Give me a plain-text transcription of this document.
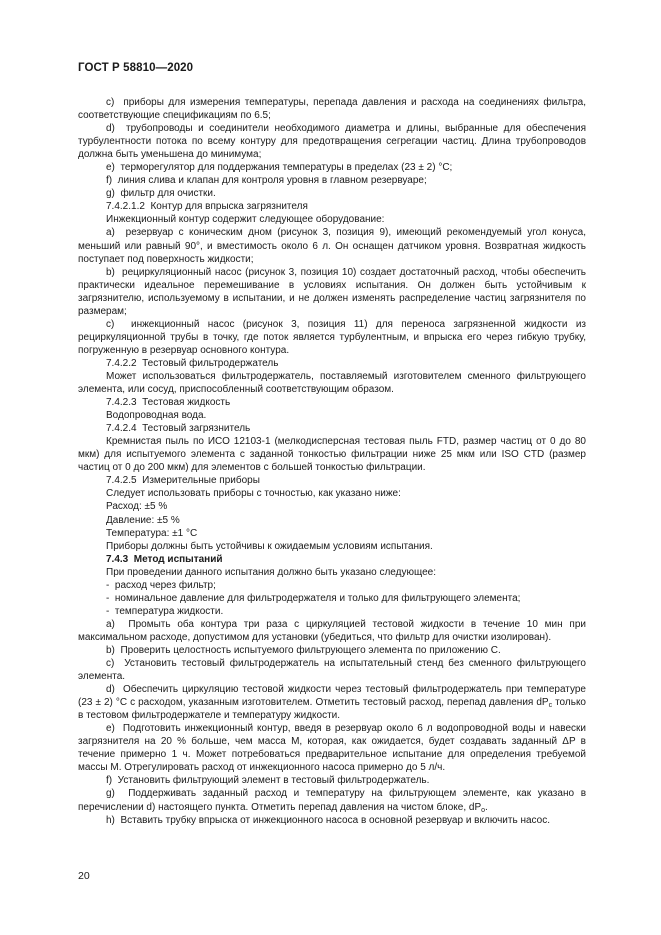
ГОСТ Р 58810—2020

c)  приборы для измерения температуры, перепада давления и расхода на соединениях фильтра, соответствующие спецификациям по 6.5;

d)  трубопроводы и соединители необходимого диаметра и длины, выбранные для обеспечения турбулентности потока по всему контуру для предотвращения сегрегации частиц. Длина трубопроводов должна быть уменьшена до минимума;

e)  терморегулятор для поддержания температуры в пределах (23 ± 2) °С;

f)  линия слива и клапан для контроля уровня в главном резервуаре;

g)  фильтр для очистки.

7.4.2.1.2  Контур для впрыска загрязнителя

Инжекционный контур содержит следующее оборудование:

a)  резервуар с коническим дном (рисунок 3, позиция 9), имеющий рекомендуемый угол конуса, меньший или равный 90°, и вместимость около 6 л. Он оснащен датчиком уровня. Возвратная жидкость поступает под поверхность жидкости;

b)  рециркуляционный насос (рисунок 3, позиция 10) создает достаточный расход, чтобы обеспечить практически идеальное перемешивание в условиях испытания. Он должен быть устойчивым к загрязнителю, используемому в испытании, и не должен изменять распределение частиц загрязнителя по размерам;

c)  инжекционный насос (рисунок 3, позиция 11) для переноса загрязненной жидкости из рециркуляционной трубы в точку, где поток является турбулентным, и впрыска его через гибкую трубку, погруженную в резервуар основного контура.

7.4.2.2  Тестовый фильтродержатель

Может использоваться фильтродержатель, поставляемый изготовителем сменного фильтрующего элемента, или сосуд, приспособленный соответствующим образом.

7.4.2.3  Тестовая жидкость

Водопроводная вода.

7.4.2.4  Тестовый загрязнитель

Кремнистая пыль по ИСО 12103-1 (мелкодисперсная тестовая пыль FTD, размер частиц от 0 до 80 мкм) для испытуемого элемента с заданной тонкостью фильтрации ниже 25 мкм или ISO CTD (размер частиц от 0 до 200 мкм) для элементов с большей тонкостью фильтрации.

7.4.2.5  Измерительные приборы

Следует использовать приборы с точностью, как указано ниже:

Расход: ±5 %

Давление: ±5 %

Температура: ±1 °С

Приборы должны быть устойчивы к ожидаемым условиям испытания.

7.4.3  Метод испытаний

При проведении данного испытания должно быть указано следующее:

-  расход через фильтр;

-  номинальное давление для фильтродержателя и только для фильтрующего элемента;

-  температура жидкости.

a)  Промыть оба контура три раза с циркуляцией тестовой жидкости в течение 10 мин при максимальном расходе, допустимом для установки (убедиться, что фильтр для очистки изолирован).

b)  Проверить целостность испытуемого фильтрующего элемента по приложению С.

c)  Установить тестовый фильтродержатель на испытательный стенд без сменного фильтрующего элемента.

d)  Обеспечить циркуляцию тестовой жидкости через тестовый фильтродержатель при температуре (23 ± 2) °С с расходом, указанным изготовителем. Отметить тестовый расход, перепад давления $dP_c$ только в тестовом фильтродержателе и температуру жидкости.

e)  Подготовить инжекционный контур, введя в резервуар около 6 л водопроводной воды и навески загрязнителя на 20 % больше, чем масса M, которая, как ожидается, будет создавать заданный ΔP в течение примерно 1 ч. Может потребоваться предварительное испытание для определения требуемой массы M. Отрегулировать расход от инжекционного насоса примерно до 5 л/ч.

f)  Установить фильтрующий элемент в тестовый фильтродержатель.

g)  Поддерживать заданный расход и температуру на фильтрующем элементе, как указано в перечислении d) настоящего пункта. Отметить перепад давления на чистом блоке, $dP_o$.

h)  Вставить трубку впрыска от инжекционного насоса в основной резервуар и включить насос.

20
